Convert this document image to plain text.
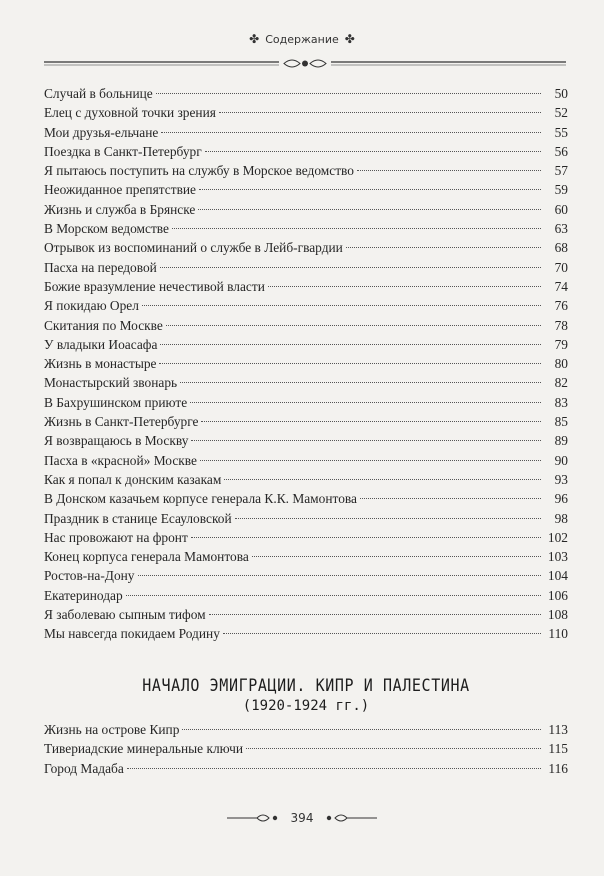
✤ Содержание ✤
Случай в больнице	50
Елец с духовной точки зрения	52
Мои друзья-ельчане	55
Поездка в Санкт-Петербург	56
Я пытаюсь поступить на службу в Морское ведомство	57
Неожиданное препятствие	59
Жизнь и служба в Брянске	60
В Морском ведомстве	63
Отрывок из воспоминаний о службе в Лейб-гвардии	68
Пасха на передовой	70
Божие вразумление нечестивой власти	74
Я покидаю Орел	76
Скитания по Москве	78
У владыки Иоасафа	79
Жизнь в монастыре	80
Монастырский звонарь	82
В Бахрушинском приюте	83
Жизнь в Санкт-Петербурге	85
Я возвращаюсь в Москву	89
Пасха в «красной» Москве	90
Как я попал к донским казакам	93
В Донском казачьем корпусе генерала К.К. Мамонтова	96
Праздник в станице Есауловской	98
Нас провожают на фронт	102
Конец корпуса генерала Мамонтова	103
Ростов-на-Дону	104
Екатеринодар	106
Я заболеваю сыпным тифом	108
Мы навсегда покидаем Родину	110
НАЧАЛО ЭМИГРАЦИИ. КИПР И ПАЛЕСТИНА
(1920-1924 гг.)
Жизнь на острове Кипр	113
Тивериадские минеральные ключи	115
Город Мадаба	116
394
